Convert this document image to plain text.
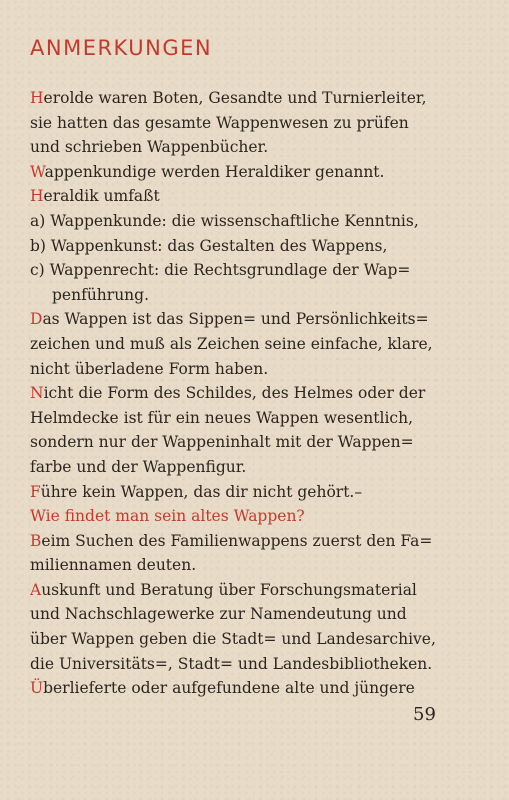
ANMERKUNGEN
Herolde waren Boten, Gesandte und Turnierleiter,
sie hatten das gesamte Wappenwesen zu prüfen
und schrieben Wappenbücher.
Wappenkundige werden Heraldiker genannt.
Heraldik umfaßt
a) Wappenkunde: die wissenschaftliche Kenntnis,
b) Wappenkunst: das Gestalten des Wappens,
c) Wappenrecht: die Rechtsgrundlage der Wap=
penführung.
Das Wappen ist das Sippen= und Persönlichkeits=
zeichen und muß als Zeichen seine einfache, klare,
nicht überladene Form haben.
Nicht die Form des Schildes, des Helmes oder der
Helmdecke ist für ein neues Wappen wesentlich,
sondern nur der Wappeninhalt mit der Wappen=
farbe und der Wappenfigur.
Führe kein Wappen, das dir nicht gehört.–
Wie findet man sein altes Wappen?
Beim Suchen des Familienwappens zuerst den Fa=
miliennamen deuten.
Auskunft und Beratung über Forschungsmaterial
und Nachschlagewerke zur Namendeutung und
über Wappen geben die Stadt= und Landesarchive,
die Universitäts=, Stadt= und Landesbibliotheken.
Überlieferte oder aufgefundene alte und jüngere
59
